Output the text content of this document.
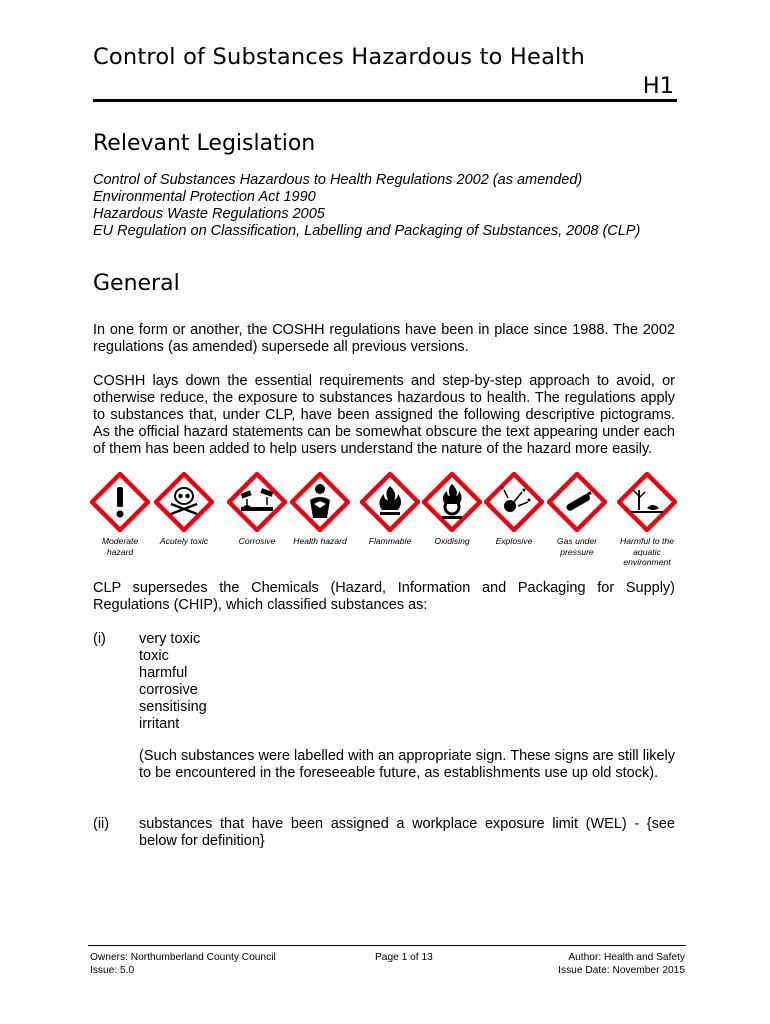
Control of Substances Hazardous to Health
H1
Relevant Legislation
Control of Substances Hazardous to Health Regulations 2002 (as amended)
Environmental Protection Act 1990
Hazardous Waste Regulations 2005
EU Regulation on Classification, Labelling and Packaging of Substances, 2008 (CLP)
General
In one form or another, the COSHH regulations have been in place since 1988. The 2002 regulations (as amended) supersede all previous versions.
COSHH lays down the essential requirements and step-by-step approach to avoid, or otherwise reduce, the exposure to substances hazardous to health. The regulations apply to substances that, under CLP, have been assigned the following descriptive pictograms. As the official hazard statements can be somewhat obscure the text appearing under each of them has been added to help users understand the nature of the hazard more easily.
Moderate hazard
Acutely toxic	Corrosive	Health hazard	Flammable	Oxidising	Explosive	Gas under pressure
Harmful to the aquatic environment
CLP supersedes the Chemicals (Hazard, Information and Packaging for Supply) Regulations (CHIP), which classified substances as:
(i) very toxic
toxic
harmful
corrosive
sensitising
irritant
(Such substances were labelled with an appropriate sign. These signs are still likely to be encountered in the foreseeable future, as establishments use up old stock).
(ii) substances that have been assigned a workplace exposure limit (WEL) - {see below for definition}
Owners: Northumberland County Council
Issue: 5.0
Page 1 of 13	Author: Health and Safety
Issue Date: November 2015
